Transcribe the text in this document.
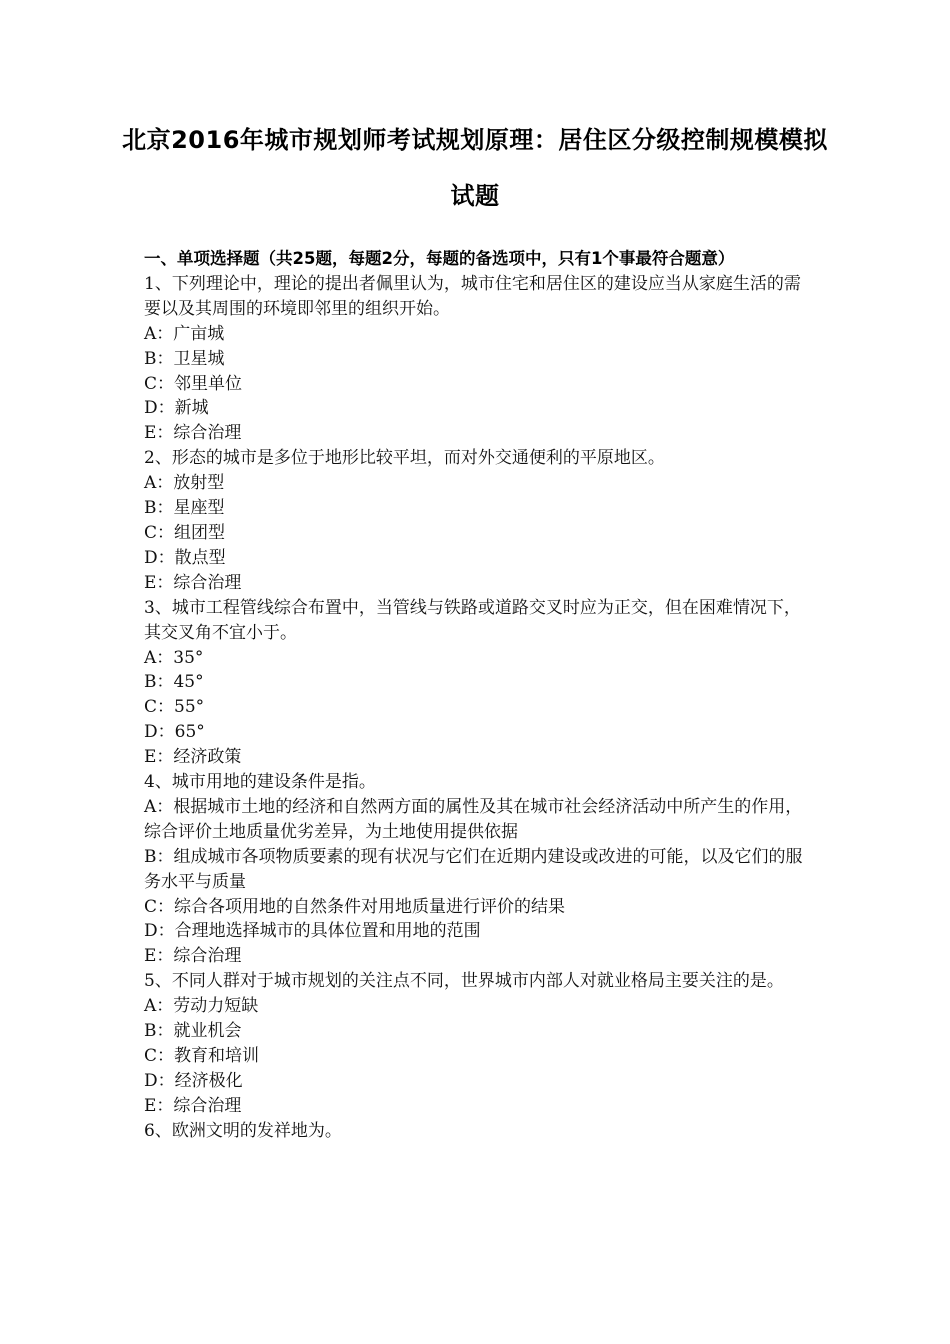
北京2016年城市规划师考试规划原理：居住区分级控制规模模拟试题
一、单项选择题（共25题，每题2分，每题的备选项中，只有1个事最符合题意）
1、下列理论中，理论的提出者佩里认为，城市住宅和居住区的建设应当从家庭生活的需要以及其周围的环境即邻里的组织开始。
A：广亩城
B：卫星城
C：邻里单位
D：新城
E：综合治理
2、形态的城市是多位于地形比较平坦，而对外交通便利的平原地区。
A：放射型
B：星座型
C：组团型
D：散点型
E：综合治理
3、城市工程管线综合布置中，当管线与铁路或道路交叉时应为正交，但在困难情况下，其交叉角不宜小于。
A：35°
B：45°
C：55°
D：65°
E：经济政策
4、城市用地的建设条件是指。
A：根据城市土地的经济和自然两方面的属性及其在城市社会经济活动中所产生的作用，综合评价土地质量优劣差异，为土地使用提供依据
B：组成城市各项物质要素的现有状况与它们在近期内建设或改进的可能，以及它们的服务水平与质量
C：综合各项用地的自然条件对用地质量进行评价的结果
D：合理地选择城市的具体位置和用地的范围
E：综合治理
5、不同人群对于城市规划的关注点不同，世界城市内部人对就业格局主要关注的是。
A：劳动力短缺
B：就业机会
C：教育和培训
D：经济极化
E：综合治理
6、欧洲文明的发祥地为。
